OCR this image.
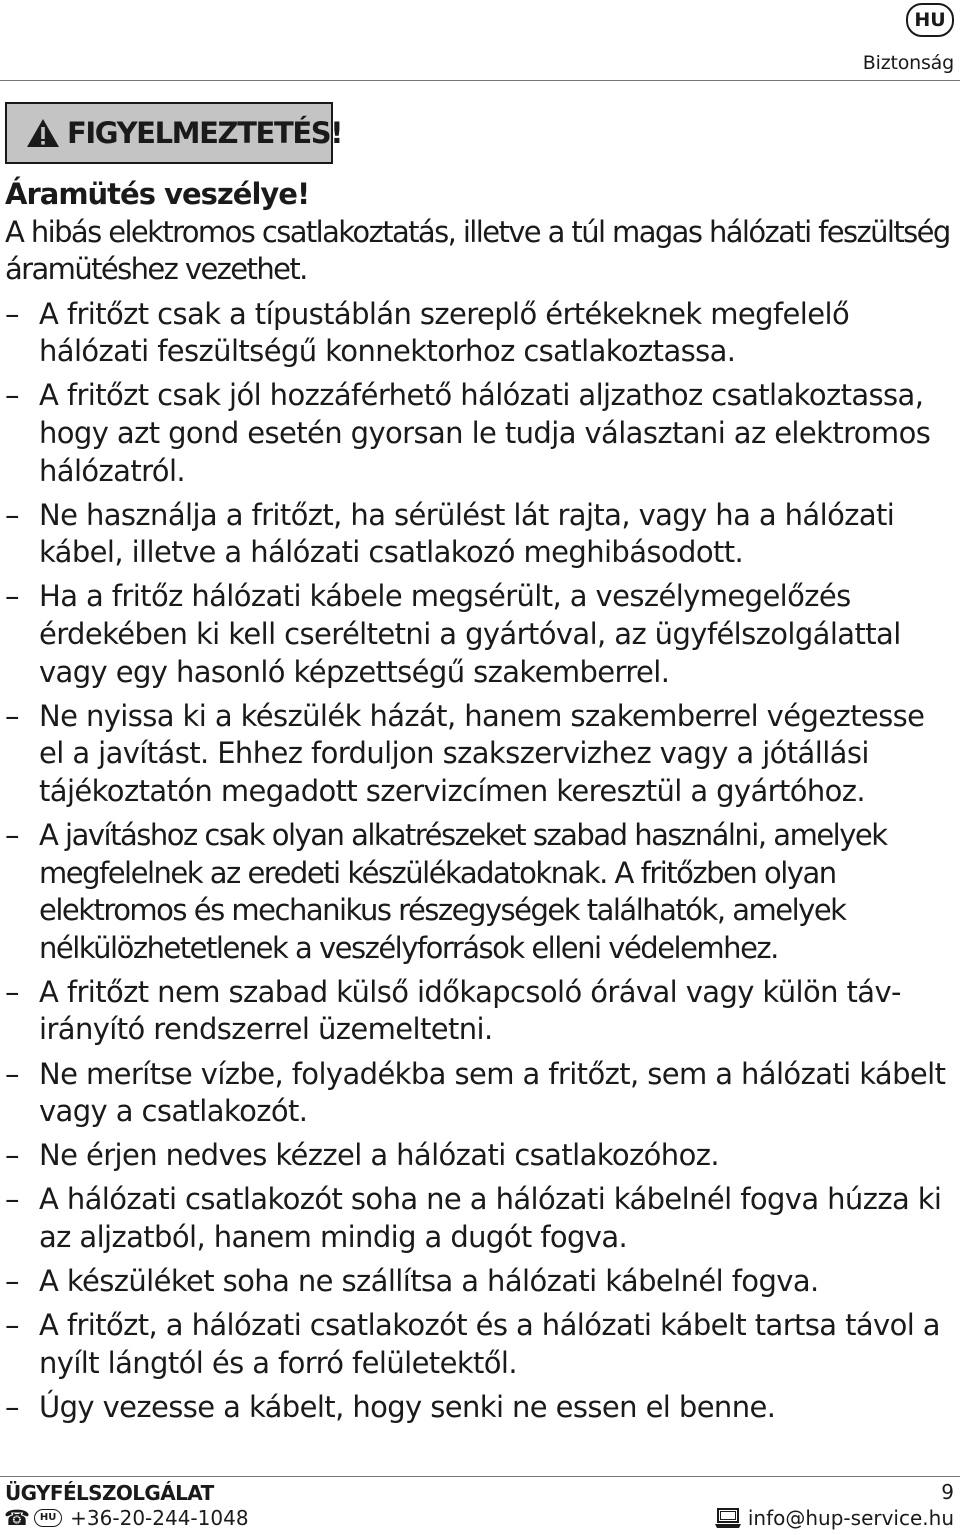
HU
Biztonság
FIGYELMEZTETÉS!
Áramütés veszélye!
A hibás elektromos csatlakoztatás, illetve a túl magas hálózati feszültség áramütéshez vezethet.
– A fritőzt csak a típustáblán szereplő értékeknek megfelelő hálózati feszültségű konnektorhoz csatlakoztassa.
– A fritőzt csak jól hozzáférhető hálózati aljzathoz csatlakoztassa, hogy azt gond esetén gyorsan le tudja választani az elektromos hálózatról.
– Ne használja a fritőzt, ha sérülést lát rajta, vagy ha a hálózati kábel, illetve a hálózati csatlakozó meghibásodott.
– Ha a fritőz hálózati kábele megsérült, a veszélymegelőzés érdekében ki kell cseréltetni a gyártóval, az ügyfélszolgálattal vagy egy hasonló képzettségű szakemberrel.
– Ne nyissa ki a készülék házát, hanem szakemberrel végeztesse el a javítást. Ehhez forduljon szakszervizhez vagy a jótállási tájékoztatón megadott szervizcímen keresztül a gyártóhoz.
– A javításhoz csak olyan alkatrészeket szabad használni, amelyek megfelelnek az eredeti készülékadatoknak. A fritőzben olyan elektromos és mechanikus részegységek találhatók, amelyek nélkülözhetetlenek a veszélyforrások elleni védelemhez.
– A fritőzt nem szabad külső időkapcsoló órával vagy külön távirányító rendszerrel üzemeltetni.
– Ne merítse vízbe, folyadékba sem a fritőzt, sem a hálózati kábelt vagy a csatlakozót.
– Ne érjen nedves kézzel a hálózati csatlakozóhoz.
– A hálózati csatlakozót soha ne a hálózati kábelnél fogva húzza ki az aljzatból, hanem mindig a dugót fogva.
– A készüléket soha ne szállítsa a hálózati kábelnél fogva.
– A fritőzt, a hálózati csatlakozót és a hálózati kábelt tartsa távol a nyílt lángtól és a forró felületektől.
– Úgy vezesse a kábelt, hogy senki ne essen el benne.
ÜGYFÉLSZOLGÁLAT	9
☎ HU +36-20-244-1048	info@hup-service.hu
